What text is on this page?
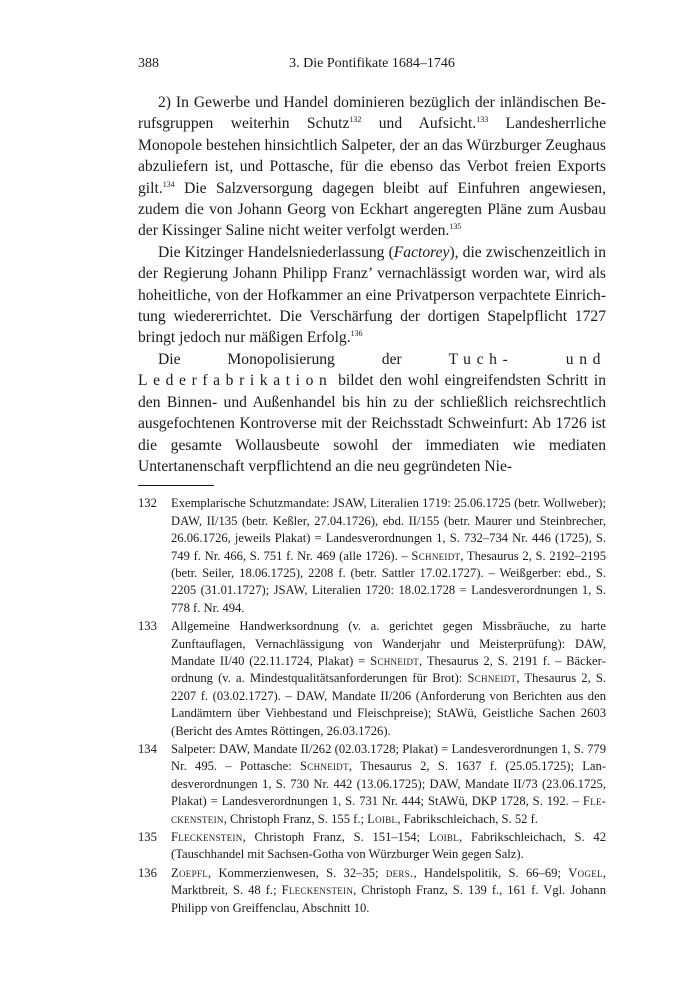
388	3. Die Pontifikate 1684–1746

2) In Gewerbe und Handel dominieren bezüglich der inländischen Berufsgruppen weiterhin Schutz$^{132}$ und Aufsicht.$^{133}$ Landesherrliche Monopole bestehen hinsichtlich Salpeter, der an das Würzburger Zeughaus abzuliefern ist, und Pottasche, für die ebenso das Verbot freien Exports gilt.$^{134}$ Die Salzversorgung dagegen bleibt auf Einfuhren angewiesen, zudem die von Johann Georg von Eckhart angeregten Pläne zum Ausbau der Kissinger Saline nicht weiter verfolgt werden.$^{135}$

Die Kitzinger Handelsniederlassung (Factorey), die zwischenzeitlich in der Regierung Johann Philipp Franz’ vernachlässigt worden war, wird als hoheitliche, von der Hofkammer an eine Privatperson verpachtete Einrichtung wiedererrichtet. Die Verschärfung der dortigen Stapelpflicht 1727 bringt jedoch nur mäßigen Erfolg.$^{136}$

Die Monopolisierung der Tuch- und Lederfabrikation bildet den wohl eingreifendsten Schritt in den Binnen- und Außenhandel bis hin zu der schließlich reichsrechtlich ausgefochtenen Kontroverse mit der Reichsstadt Schweinfurt: Ab 1726 ist die gesamte Wollausbeute sowohl der immediaten wie mediaten Untertanenschaft verpflichtend an die neu gegründeten Nie-

132	Exemplarische Schutzmandate: JSAW, Literalien 1719: 25.06.1725 (betr. Wollweber); DAW, II/135 (betr. Keßler, 27.04.1726), ebd. II/155 (betr. Maurer und Steinbrecher, 26.06.1726, jeweils Plakat) = Landesverordnungen 1, S. 732–734 Nr. 446 (1725), S. 749 f. Nr. 466, S. 751 f. Nr. 469 (alle 1726). – Schneidt, Thesaurus 2, S. 2192–2195 (betr. Seiler, 18.06.1725), 2208 f. (betr. Sattler 17.02.1727). – Weißgerber: ebd., S. 2205 (31.01.1727); JSAW, Literalien 1720: 18.02.1728 = Landesverordnungen 1, S. 778 f. Nr. 494.
133	Allgemeine Handwerksordnung (v. a. gerichtet gegen Missbräuche, zu harte Zunftauflagen, Vernachlässigung von Wanderjahr und Meisterprüfung): DAW, Mandate II/40 (22.11.1724, Plakat) = Schneidt, Thesaurus 2, S. 2191 f. – Bäckerordnung (v. a. Mindestqualitätsanforderungen für Brot): Schneidt, Thesaurus 2, S. 2207 f. (03.02.1727). – DAW, Mandate II/206 (Anforderung von Berichten aus den Landämtern über Viehbestand und Fleischpreise); StAWü, Geistliche Sachen 2603 (Bericht des Amtes Röttingen, 26.03.1726).
134	Salpeter: DAW, Mandate II/262 (02.03.1728; Plakat) = Landesverordnungen 1, S. 779 Nr. 495. – Pottasche: Schneidt, Thesaurus 2, S. 1637 f. (25.05.1725); Landesverordnungen 1, S. 730 Nr. 442 (13.06.1725); DAW, Mandate II/73 (23.06.1725, Plakat) = Landesverordnungen 1, S. 731 Nr. 444; StAWü, DKP 1728, S. 192. – Fleckenstein, Christoph Franz, S. 155 f.; Loibl, Fabrikschleichach, S. 52 f.
135	Fleckenstein, Christoph Franz, S. 151–154; Loibl, Fabrikschleichach, S. 42 (Tauschhandel mit Sachsen-Gotha von Würzburger Wein gegen Salz).
136	Zoepfl, Kommerzienwesen, S. 32–35; ders., Handelspolitik, S. 66–69; Vogel, Marktbreit, S. 48 f.; Fleckenstein, Christoph Franz, S. 139 f., 161 f. Vgl. Johann Philipp von Greiffenclau, Abschnitt 10.
